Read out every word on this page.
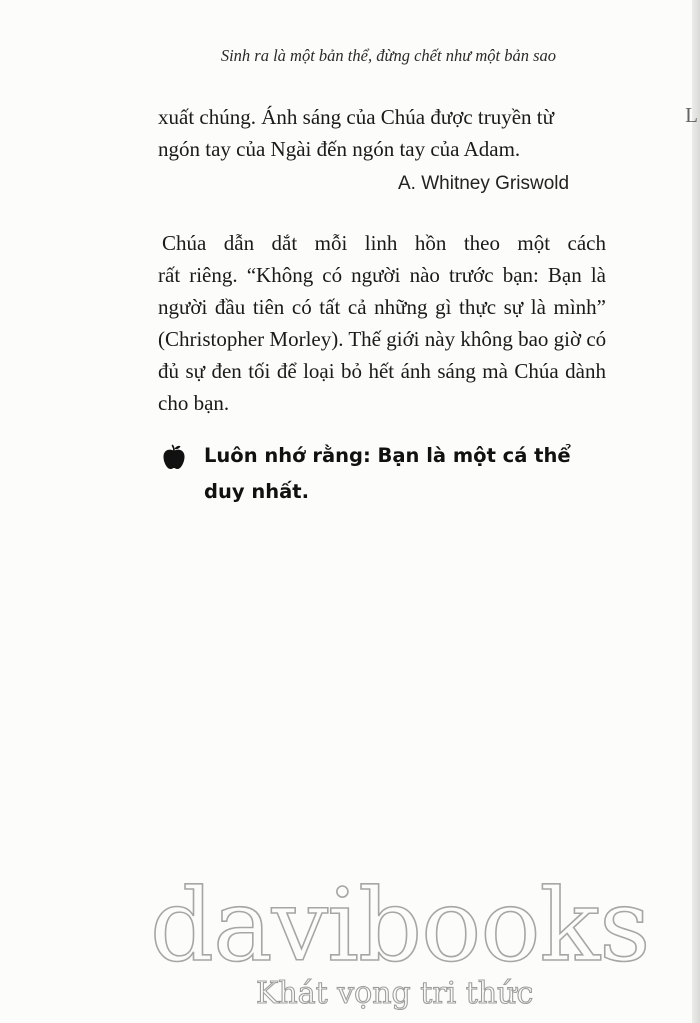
L
Sinh ra là một bản thể, đừng chết như một bản sao
xuất chúng. Ánh sáng của Chúa được truyền từ
ngón tay của Ngài đến ngón tay của Adam.
A. Whitney Griswold
Chúa dẫn dắt mỗi linh hồn theo một cách
rất riêng. “Không có người nào trước bạn: Bạn là
người đầu tiên có tất cả những gì thực sự là mình”
(Christopher Morley). Thế giới này không bao giờ có
đủ sự đen tối để loại bỏ hết ánh sáng mà Chúa dành
cho bạn.

Luôn nhớ rằng: Bạn là một cá thể
duy nhất.

davibooks
Khát vọng tri thức
